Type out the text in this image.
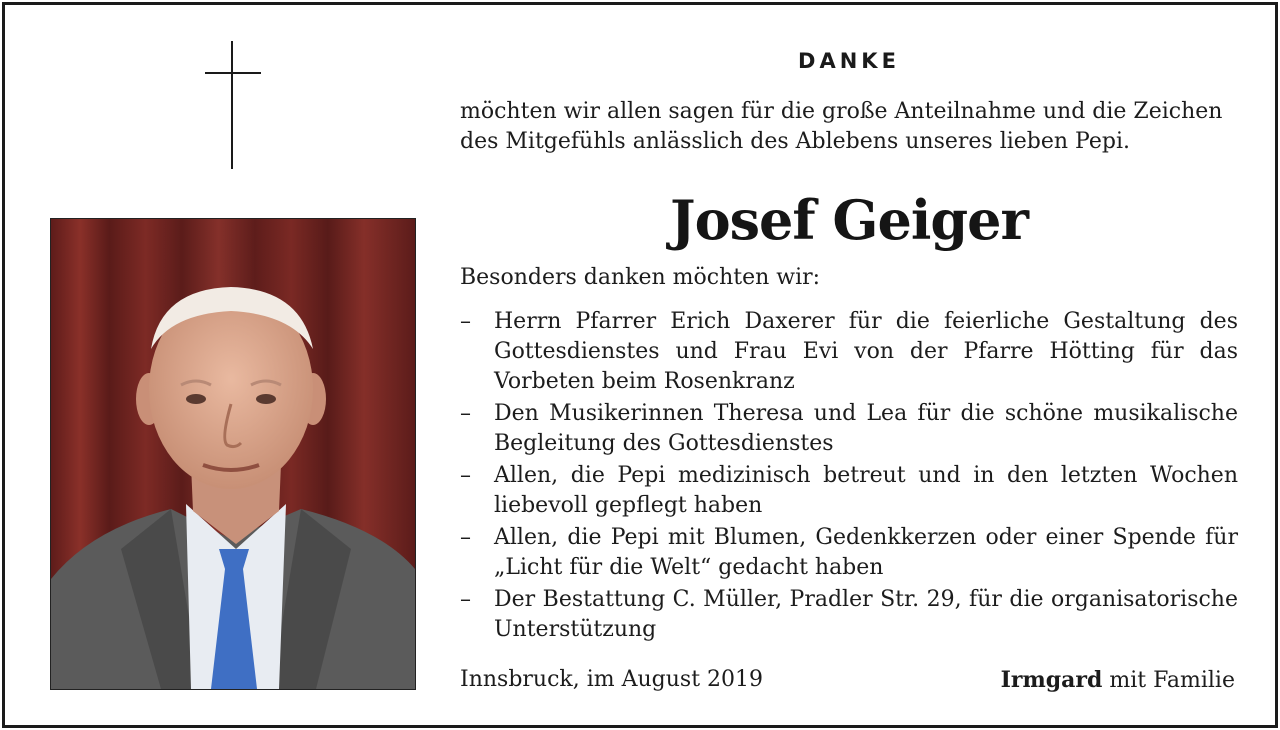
DANKE

möchten wir allen sagen für die große Anteilnahme und die Zeichen des Mitgefühls anlässlich des Ablebens unseres lieben Pepi.

Josef Geiger

Besonders danken möchten wir:

– Herrn Pfarrer Erich Daxerer für die feierliche Gestaltung des Gottesdienstes und Frau Evi von der Pfarre Hötting für das Vorbeten beim Rosenkranz
– Den Musikerinnen Theresa und Lea für die schöne musikalische Begleitung des Gottesdienstes
– Allen, die Pepi medizinisch betreut und in den letzten Wochen liebevoll gepflegt haben
– Allen, die Pepi mit Blumen, Gedenkkerzen oder einer Spende für „Licht für die Welt“ gedacht haben
– Der Bestattung C. Müller, Pradler Str. 29, für die organisatorische Unterstützung
Innsbruck, im August 2019	Irmgard mit Familie
